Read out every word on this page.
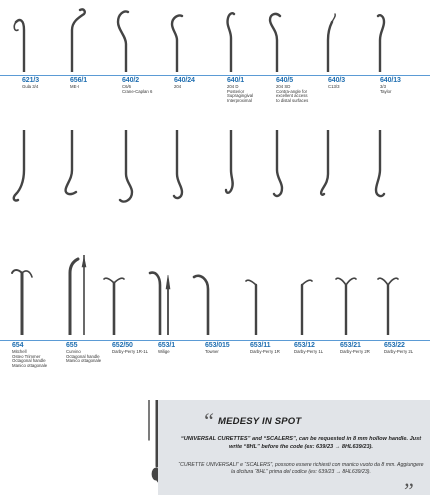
621/3
Gula 3/4
656/1
ME-I
640/2
C6/6
Crane-Caplan 6
640/24
204
640/1
204 D
Posterior
Supragingival
Interproximal
640/5
204 SD
Contra-angle for
excellent access
to distal surfaces
640/3
C13/3
640/13
3/3
Taylor
654
Mitchell
Osteo Trimmer
Octagonal handle
Manico ottagonale
655
Curvino
Octagonal handle
Manico ottagonale
652/50
Darby-Perry 1R-1L
653/1
Wilige
653/015
Towner
653/11
Darby-Perry 1R
653/12
Darby-Perry 1L
653/21
Darby-Perry 2R
653/22
Darby-Perry 2L
“ MEDESY IN SPOT
“UNIVERSAL CURETTES” and “SCALERS”, can be requested in 8 mm hollow handle. Just write “8HL” before the code (ex: 639/23 → 8HL639/23).
“CURETTE UNIVERSALI” e “SCALERS”, possono essere richiesti con manico vuoto da 8 mm. Aggiungere la dicitura “8HL” prima del codice (es: 639/23 → 8HL639/23).	„
